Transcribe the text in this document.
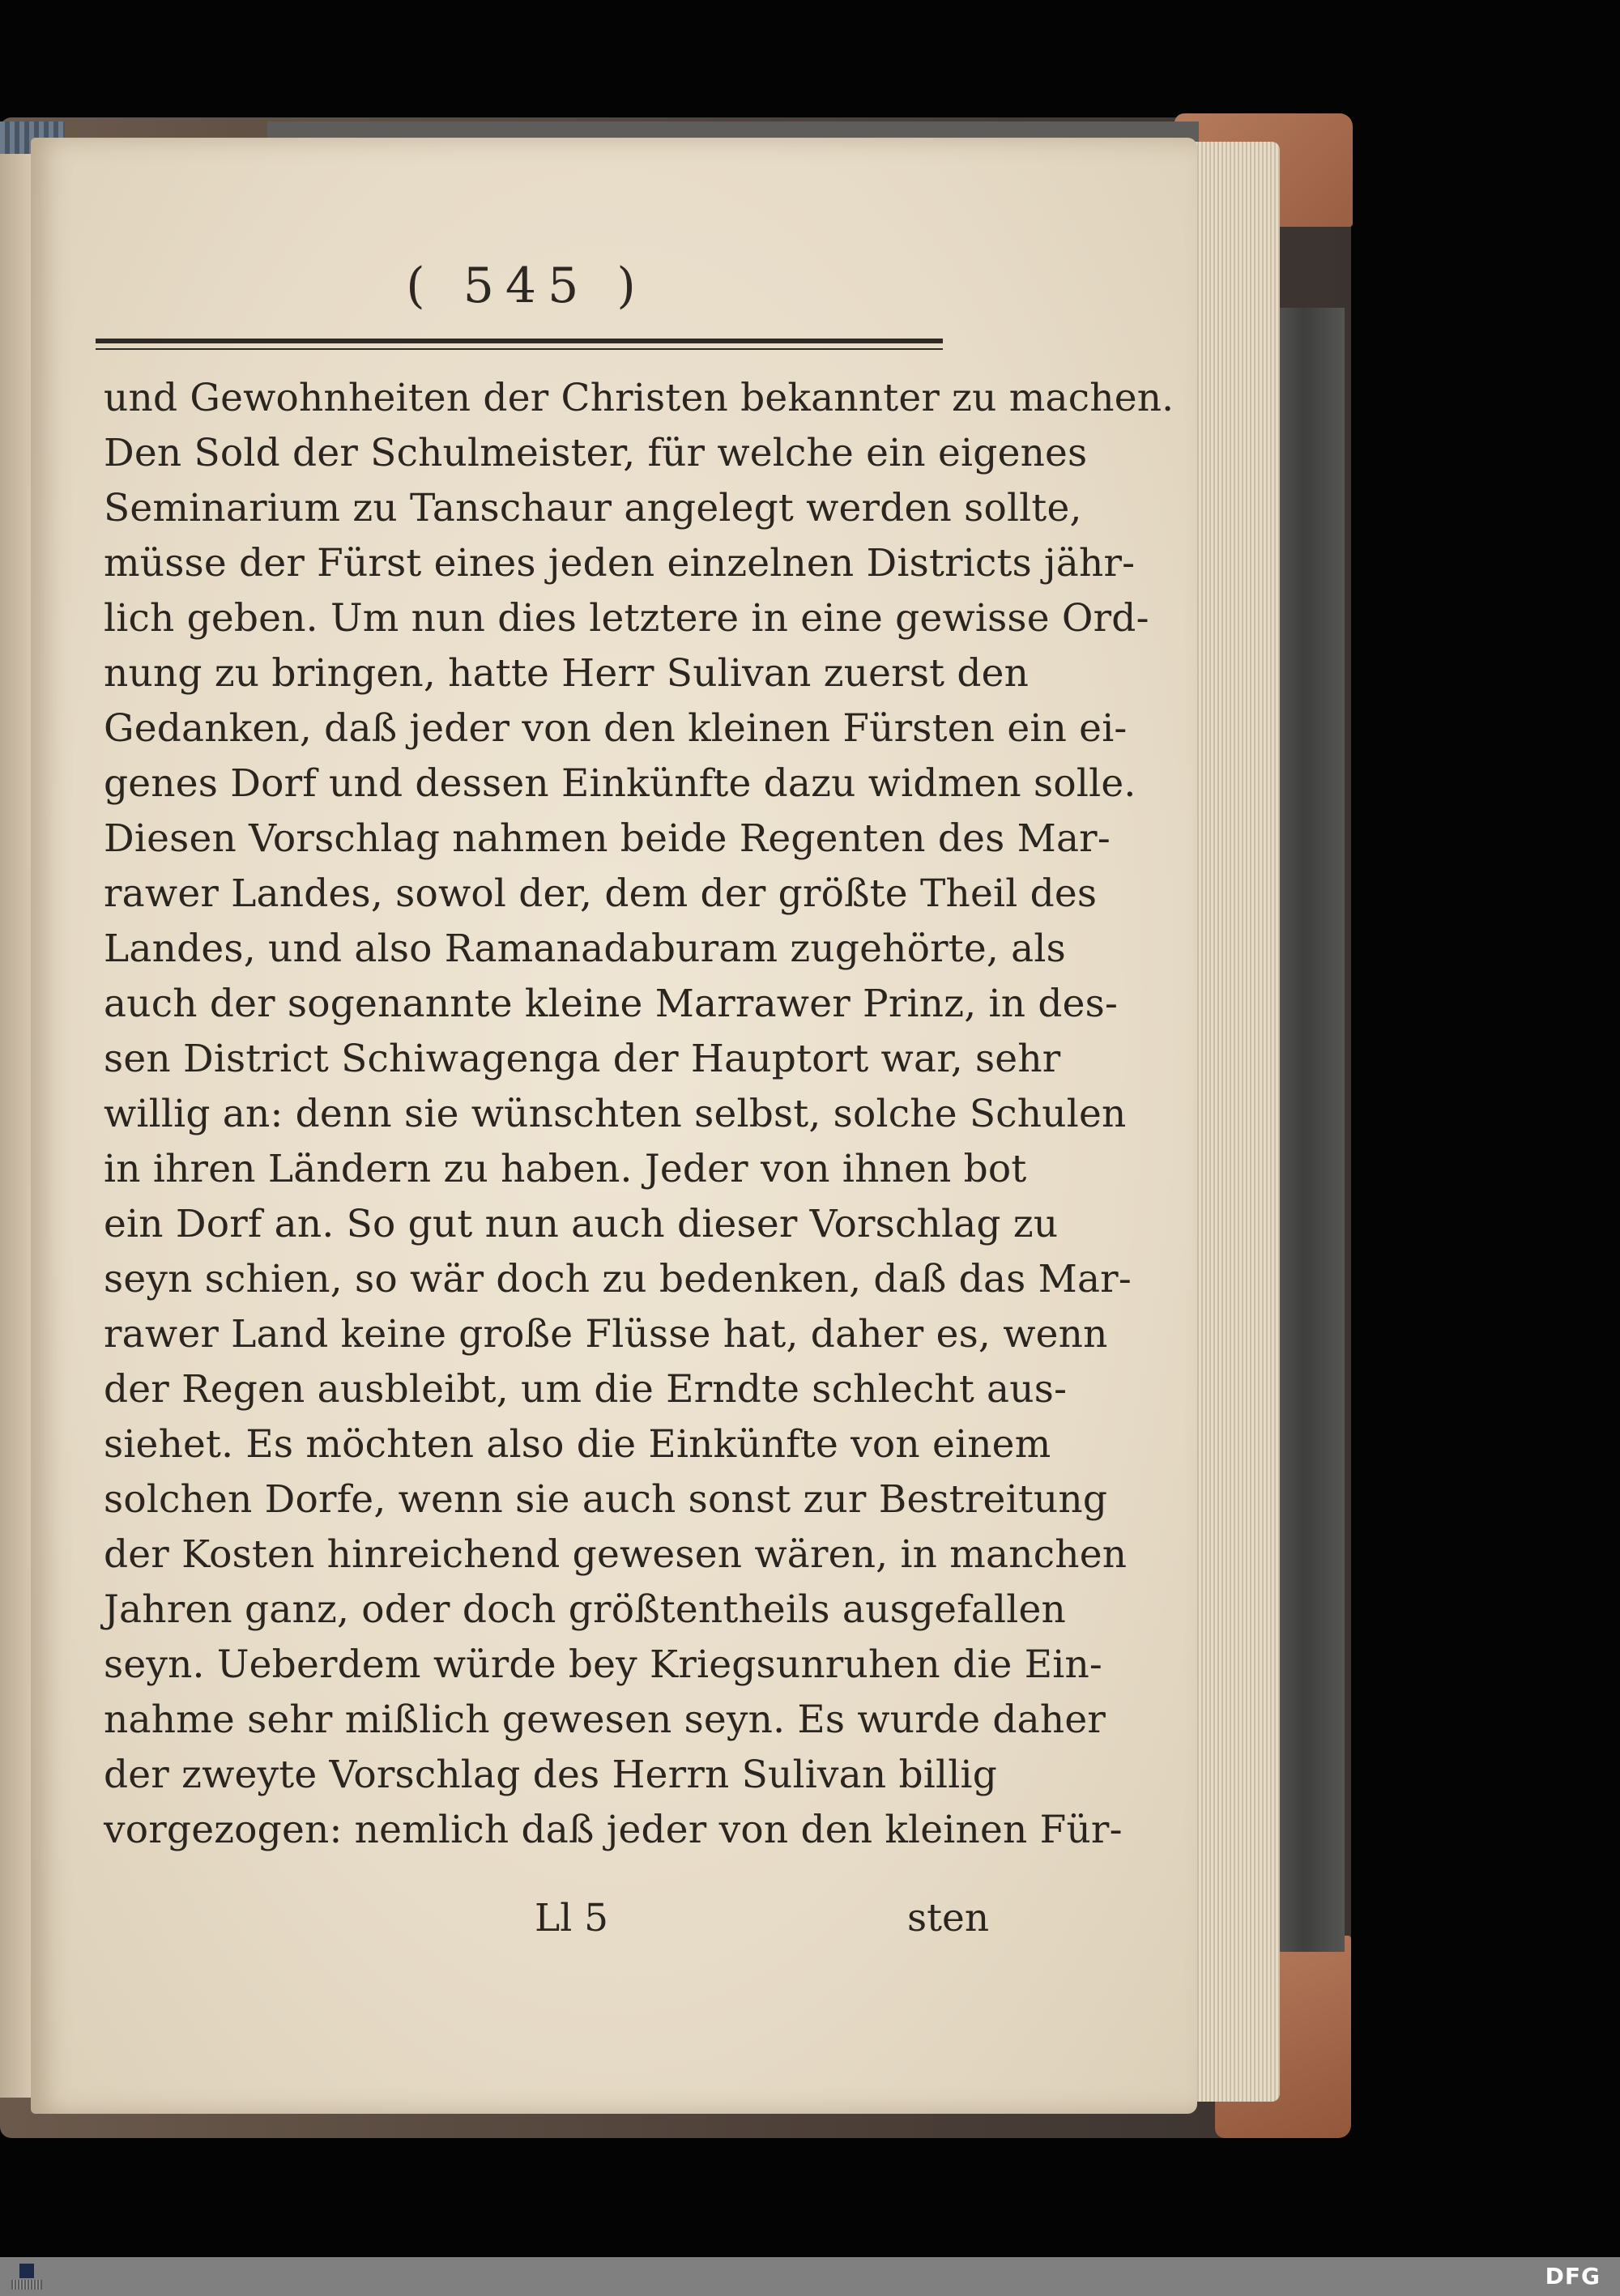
( 545 )
und Gewohnheiten der Christen bekannter zu machen.
Den Sold der Schulmeister, für welche ein eigenes
Seminarium zu Tanschaur angelegt werden sollte,
müsse der Fürst eines jeden einzelnen Districts jähr-
lich geben. Um nun dies letztere in eine gewisse Ord-
nung zu bringen, hatte Herr Sulivan zuerst den
Gedanken, daß jeder von den kleinen Fürsten ein ei-
genes Dorf und dessen Einkünfte dazu widmen solle.
Diesen Vorschlag nahmen beide Regenten des Mar-
rawer Landes, sowol der, dem der größte Theil des
Landes, und also Ramanadaburam zugehörte, als
auch der sogenannte kleine Marrawer Prinz, in des-
sen District Schiwagenga der Hauptort war, sehr
willig an: denn sie wünschten selbst, solche Schulen
in ihren Ländern zu haben. Jeder von ihnen bot
ein Dorf an. So gut nun auch dieser Vorschlag zu
seyn schien, so wär doch zu bedenken, daß das Mar-
rawer Land keine große Flüsse hat, daher es, wenn
der Regen ausbleibt, um die Erndte schlecht aus-
siehet. Es möchten also die Einkünfte von einem
solchen Dorfe, wenn sie auch sonst zur Bestreitung
der Kosten hinreichend gewesen wären, in manchen
Jahren ganz, oder doch größtentheils ausgefallen
seyn. Ueberdem würde bey Kriegsunruhen die Ein-
nahme sehr mißlich gewesen seyn. Es wurde daher
der zweyte Vorschlag des Herrn Sulivan billig
vorgezogen: nemlich daß jeder von den kleinen Für-
Ll 5	sten
DFG
